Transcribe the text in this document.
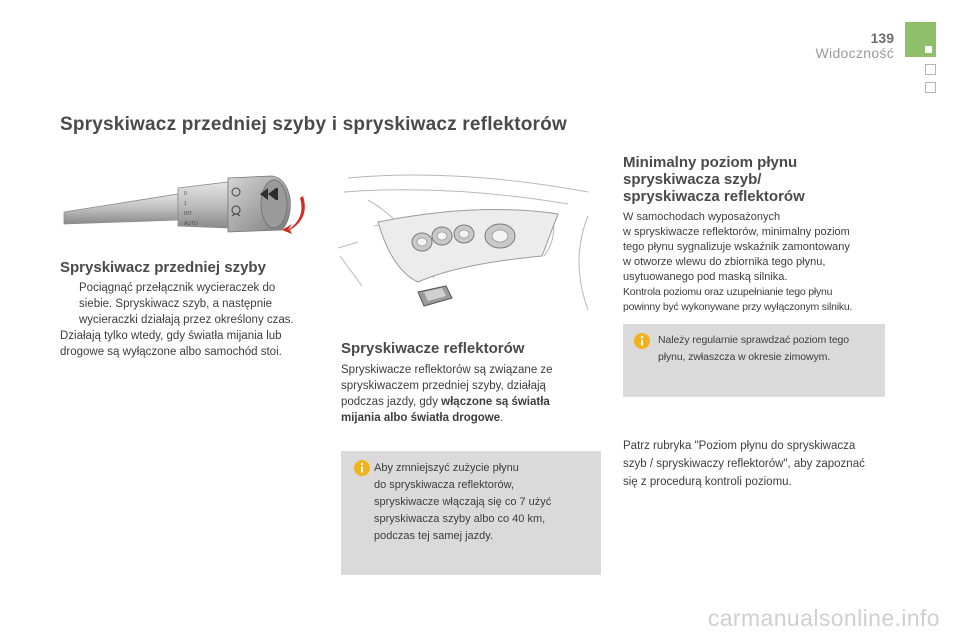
139
Widoczność
Spryskiwacz przedniej szyby i spryskiwacz reflektorów
0
1
INT
AUTO
Spryskiwacz przedniej szyby

Pociągnąć przełącznik wycieraczek do

siebie. Spryskiwacz szyb, a następnie

wycieraczki działają przez określony czas.

Działają tylko wtedy, gdy światła mijania lub

drogowe są wyłączone albo samochód stoi.	Spryskiwacze reflektorów

Spryskiwacze reflektorów są związane ze

spryskiwaczem przedniej szyby, działają

podczas jazdy, gdy włączone są światła

mijania albo światła drogowe.

Aby zmniejszyć zużycie płynu
do spryskiwacza reflektorów,
spryskiwacze włączają się co 7 użyć
spryskiwacza szyby albo co 40 km,
podczas tej samej jazdy.
Minimalny poziom płynu
spryskiwacza szyb/
spryskiwacza reflektorów

W samochodach wyposażonych

w spryskiwacze reflektorów, minimalny poziom

tego płynu sygnalizuje wskaźnik zamontowany

w otworze wlewu do zbiornika tego płynu,

usytuowanego pod maską silnika.

Kontrola poziomu oraz uzupełnianie tego płynu

powinny być wykonywane przy wyłączonym silniku.

Należy regularnie sprawdzać poziom tego
płynu, zwłaszcza w okresie zimowym.

Patrz rubryka "Poziom płynu do spryskiwacza

szyb / spryskiwaczy reflektorów", aby zapoznać

się z procedurą kontroli poziomu.

carmanualsonline.info
